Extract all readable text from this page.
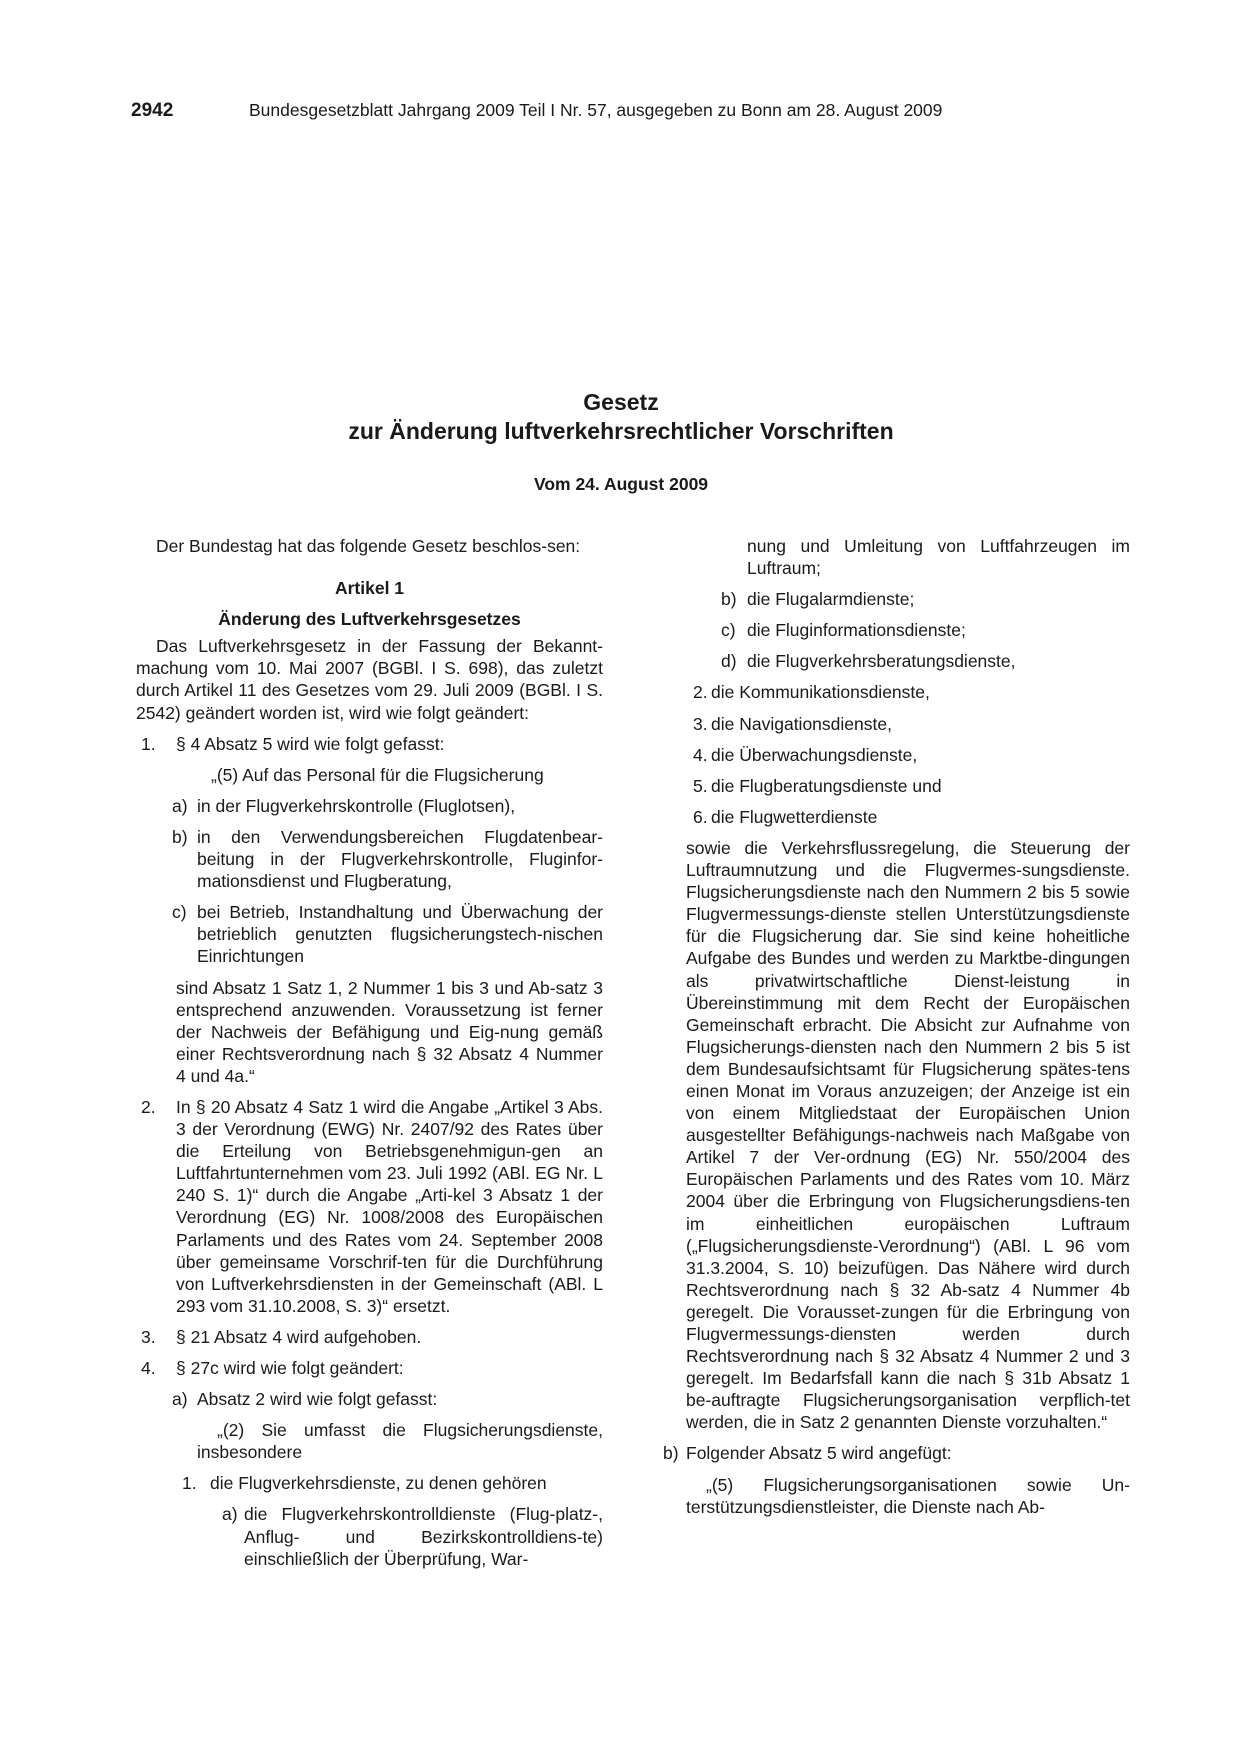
2942	Bundesgesetzblatt Jahrgang 2009 Teil I Nr. 57, ausgegeben zu Bonn am 28. August 2009
Gesetz
zur Änderung luftverkehrsrechtlicher Vorschriften
Vom 24. August 2009

Der Bundestag hat das folgende Gesetz beschlos-sen:

Artikel 1

Änderung des Luftverkehrsgesetzes

Das Luftverkehrsgesetz in der Fassung der Bekannt-machung vom 10. Mai 2007 (BGBl. I S. 698), das zuletzt durch Artikel 11 des Gesetzes vom 29. Juli 2009 (BGBl. I S. 2542) geändert worden ist, wird wie folgt geändert:

1. § 4 Absatz 5 wird wie folgt gefasst:

„(5) Auf das Personal für die Flugsicherung

a) in der Flugverkehrskontrolle (Fluglotsen),
b) in den Verwendungsbereichen Flugdatenbear-beitung in der Flugverkehrskontrolle, Fluginfor-mationsdienst und Flugberatung,
c) bei Betrieb, Instandhaltung und Überwachung der betrieblich genutzten flugsicherungstech-nischen Einrichtungen

sind Absatz 1 Satz 1, 2 Nummer 1 bis 3 und Ab-satz 3 entsprechend anzuwenden. Voraussetzung ist ferner der Nachweis der Befähigung und Eig-nung gemäß einer Rechtsverordnung nach § 32 Absatz 4 Nummer 4 und 4a.“

2. In § 20 Absatz 4 Satz 1 wird die Angabe „Artikel 3 Abs. 3 der Verordnung (EWG) Nr. 2407/92 des Rates über die Erteilung von Betriebsgenehmigun-gen an Luftfahrtunternehmen vom 23. Juli 1992 (ABl. EG Nr. L 240 S. 1)“ durch die Angabe „Arti-kel 3 Absatz 1 der Verordnung (EG) Nr. 1008/2008 des Europäischen Parlaments und des Rates vom 24. September 2008 über gemeinsame Vorschrif-ten für die Durchführung von Luftverkehrsdiensten in der Gemeinschaft (ABl. L 293 vom 31.10.2008, S. 3)“ ersetzt.
3. § 21 Absatz 4 wird aufgehoben.
4. § 27c wird wie folgt geändert:
a) Absatz 2 wird wie folgt gefasst:

„(2) Sie umfasst die Flugsicherungsdienste, insbesondere

1. die Flugverkehrsdienste, zu denen gehören
a) die Flugverkehrskontrolldienste (Flug-platz-, Anflug- und Bezirkskontrolldiens-te) einschließlich der Überprüfung, War-

nung und Umleitung von Luftfahrzeugen im Luftraum;

b) die Flugalarmdienste;
c) die Fluginformationsdienste;
d) die Flugverkehrsberatungsdienste,
2. die Kommunikationsdienste,
3. die Navigationsdienste,
4. die Überwachungsdienste,
5. die Flugberatungsdienste und
6. die Flugwetterdienste

sowie die Verkehrsflussregelung, die Steuerung der Luftraumnutzung und die Flugvermes-sungsdienste. Flugsicherungsdienste nach den Nummern 2 bis 5 sowie Flugvermessungs-dienste stellen Unterstützungsdienste für die Flugsicherung dar. Sie sind keine hoheitliche Aufgabe des Bundes und werden zu Marktbe-dingungen als privatwirtschaftliche Dienst-leistung in Übereinstimmung mit dem Recht der Europäischen Gemeinschaft erbracht. Die Absicht zur Aufnahme von Flugsicherungs-diensten nach den Nummern 2 bis 5 ist dem Bundesaufsichtsamt für Flugsicherung spätes-tens einen Monat im Voraus anzuzeigen; der Anzeige ist ein von einem Mitgliedstaat der Europäischen Union ausgestellter Befähigungs-nachweis nach Maßgabe von Artikel 7 der Ver-ordnung (EG) Nr. 550/2004 des Europäischen Parlaments und des Rates vom 10. März 2004 über die Erbringung von Flugsicherungsdiens-ten im einheitlichen europäischen Luftraum („Flugsicherungsdienste-Verordnung“) (ABl. L 96 vom 31.3.2004, S. 10) beizufügen. Das Nähere wird durch Rechtsverordnung nach § 32 Ab-satz 4 Nummer 4b geregelt. Die Vorausset-zungen für die Erbringung von Flugvermessungs-diensten werden durch Rechtsverordnung nach § 32 Absatz 4 Nummer 2 und 3 geregelt. Im Bedarfsfall kann die nach § 31b Absatz 1 be-auftragte Flugsicherungsorganisation verpflich-tet werden, die in Satz 2 genannten Dienste vorzuhalten.“

b) Folgender Absatz 5 wird angefügt:

„(5) Flugsicherungsorganisationen sowie Un-terstützungsdienstleister, die Dienste nach Ab-
